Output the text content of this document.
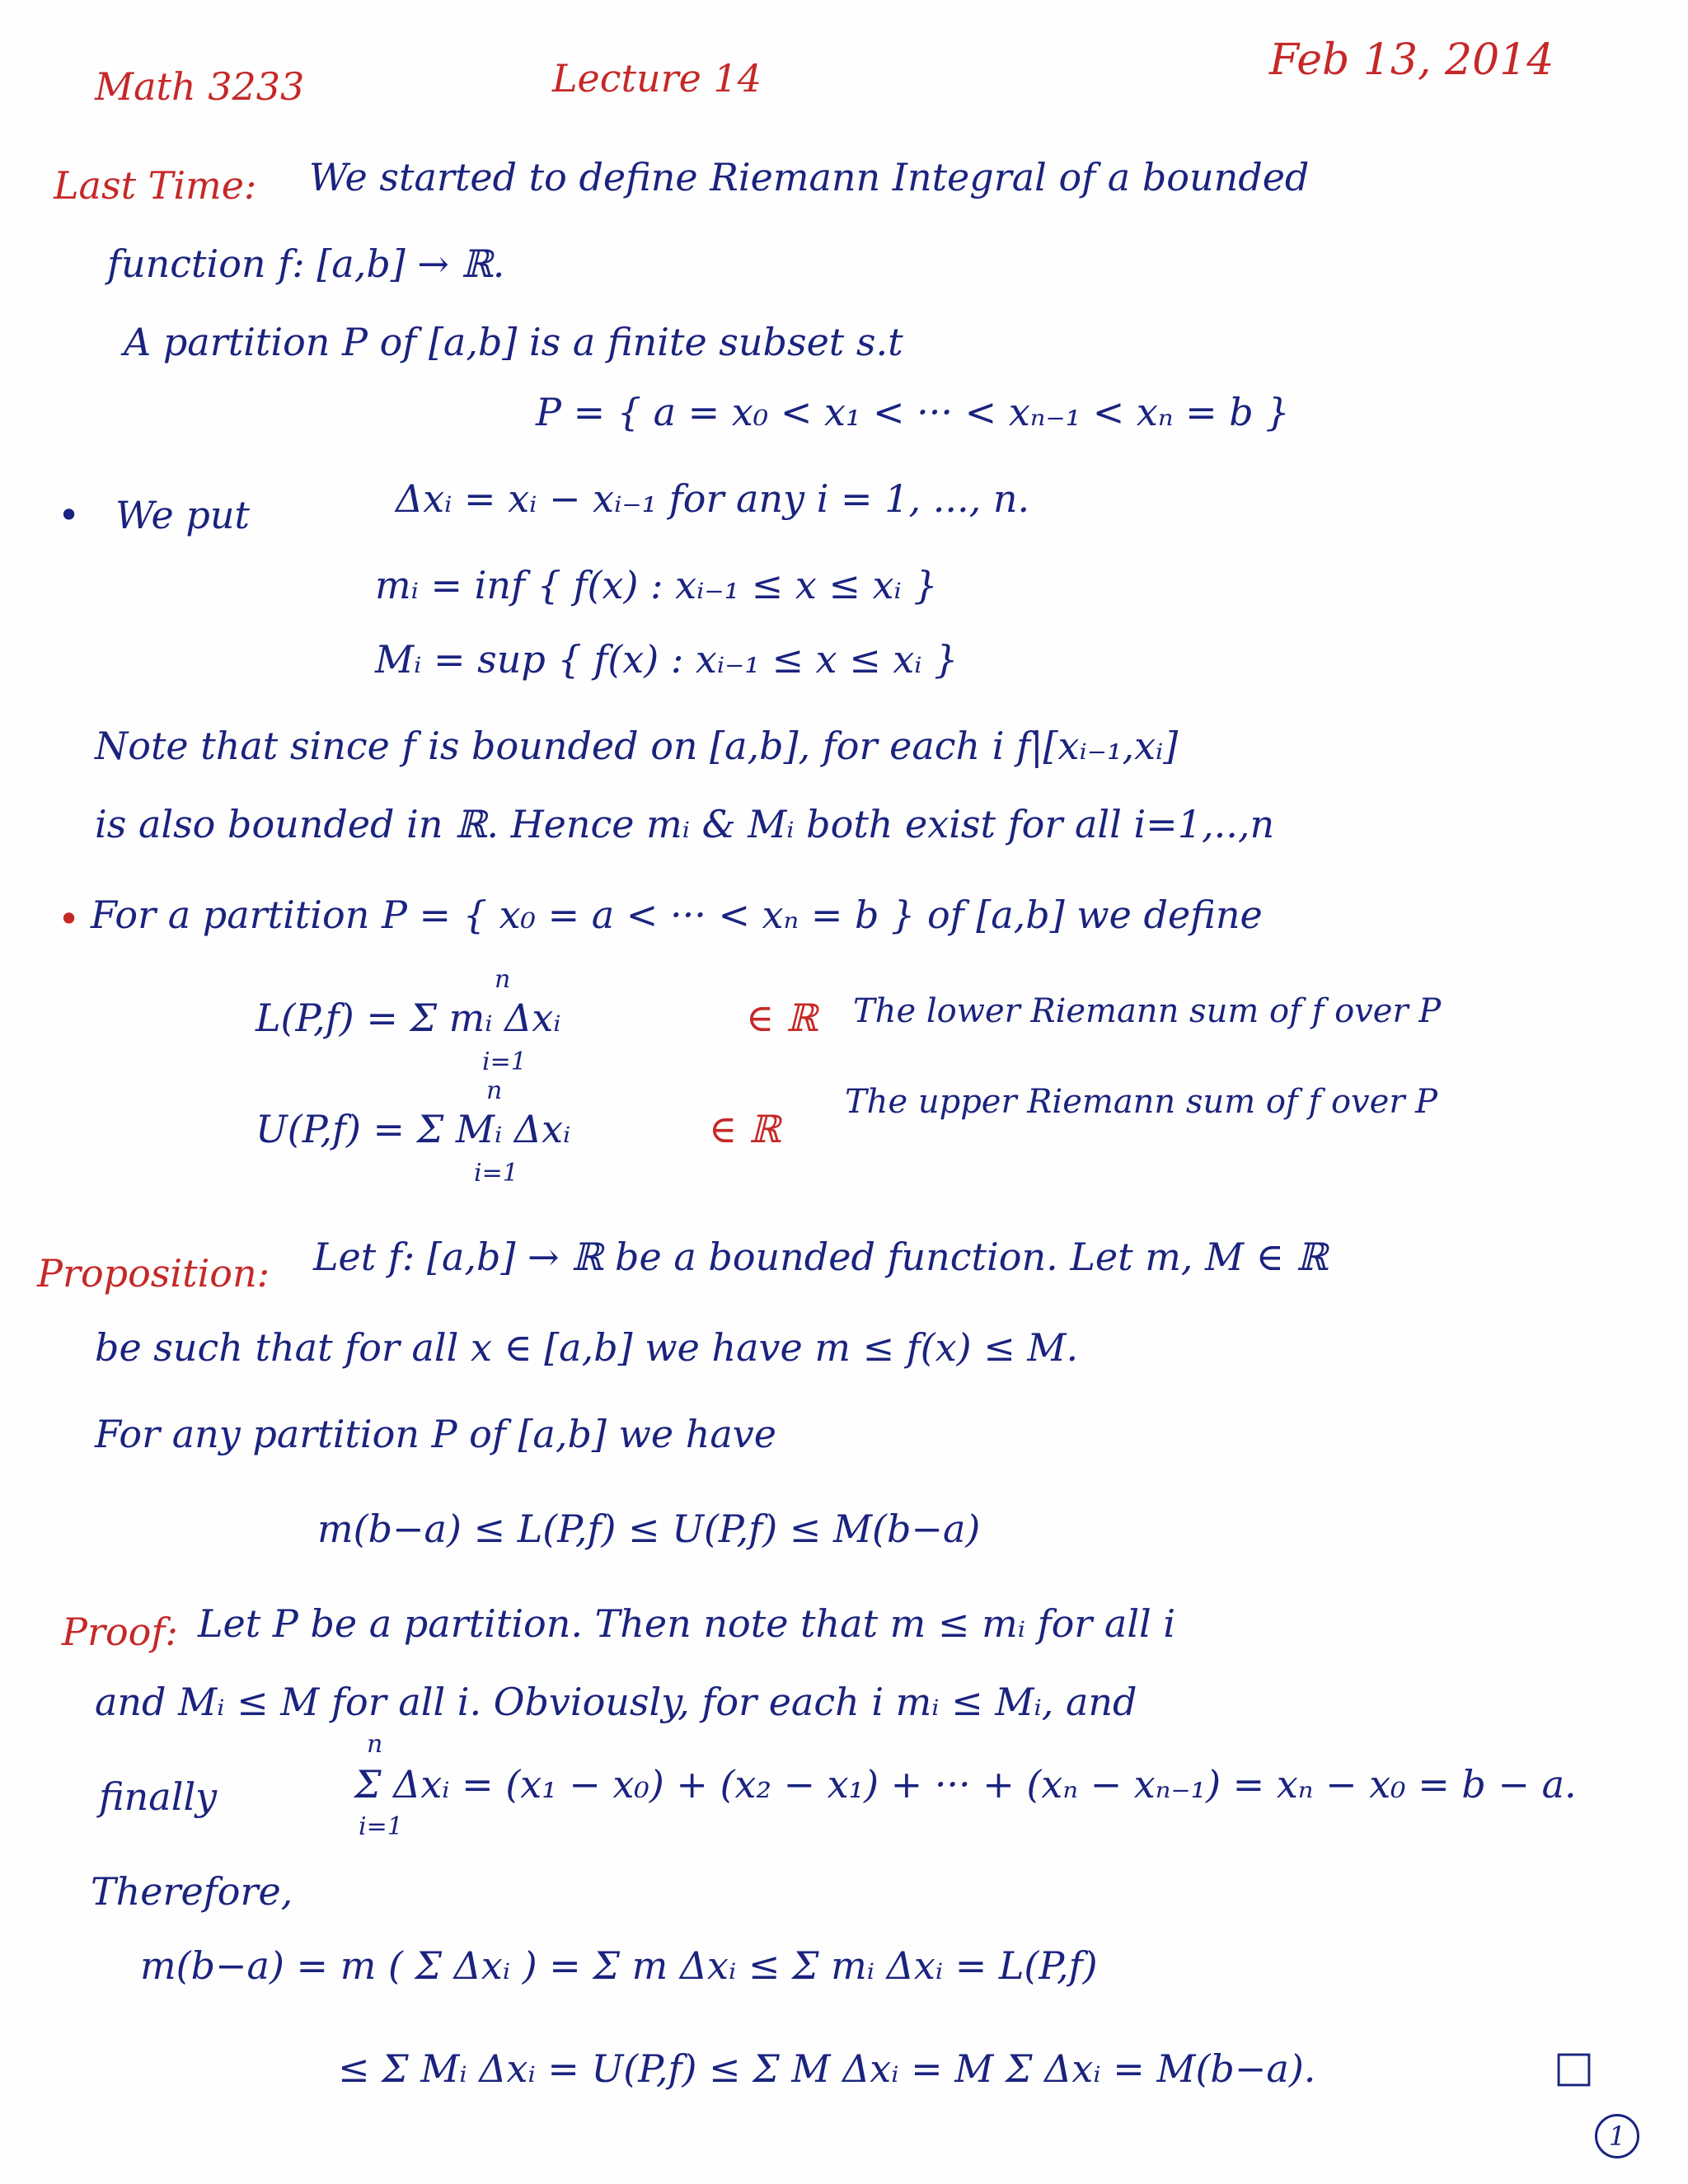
Math 3233	Lecture 14	Feb 13, 2014
Last Time: We started to define Riemann Integral of a bounded
function f: [a,b] → ℝ.
A partition P of [a,b] is a finite subset s.t
P = { a = x₀ < x₁ < ··· < xₙ₋₁ < xₙ = b }
• We put	Δxᵢ = xᵢ − xᵢ₋₁ for any i = 1, ..., n.
mᵢ = inf { f(x) : xᵢ₋₁ ≤ x ≤ xᵢ }
Mᵢ = sup { f(x) : xᵢ₋₁ ≤ x ≤ xᵢ }
Note that since f is bounded on [a,b], for each i f|[xᵢ₋₁,xᵢ]
is also bounded in ℝ. Hence mᵢ & Mᵢ both exist for all i=1,..,n
• For a partition P = { x₀ = a < ··· < xₙ = b } of [a,b] we define
L(P,f) = Σ mᵢ Δxᵢ
n
i=1
∈ ℝ The lower Riemann sum of f over P
U(P,f) = Σ Mᵢ Δxᵢ
n
i=1
∈ ℝ
The upper Riemann sum of f over P
Proposition: Let f: [a,b] → ℝ be a bounded function. Let m, M ∈ ℝ
be such that for all x ∈ [a,b] we have m ≤ f(x) ≤ M.
For any partition P of [a,b] we have
m(b−a) ≤ L(P,f) ≤ U(P,f) ≤ M(b−a)
Proof: Let P be a partition. Then note that m ≤ mᵢ for all i
and Mᵢ ≤ M for all i. Obviously, for each i mᵢ ≤ Mᵢ, and
finally	Σ Δxᵢ = (x₁ − x₀) + (x₂ − x₁) + ··· + (xₙ − xₙ₋₁) = xₙ − x₀ = b − a.
n
i=1
Therefore,
m(b−a) = m ( Σ Δxᵢ ) = Σ m Δxᵢ ≤ Σ mᵢ Δxᵢ = L(P,f)
≤ Σ Mᵢ Δxᵢ = U(P,f) ≤ Σ M Δxᵢ = M Σ Δxᵢ = M(b−a).	□
1
